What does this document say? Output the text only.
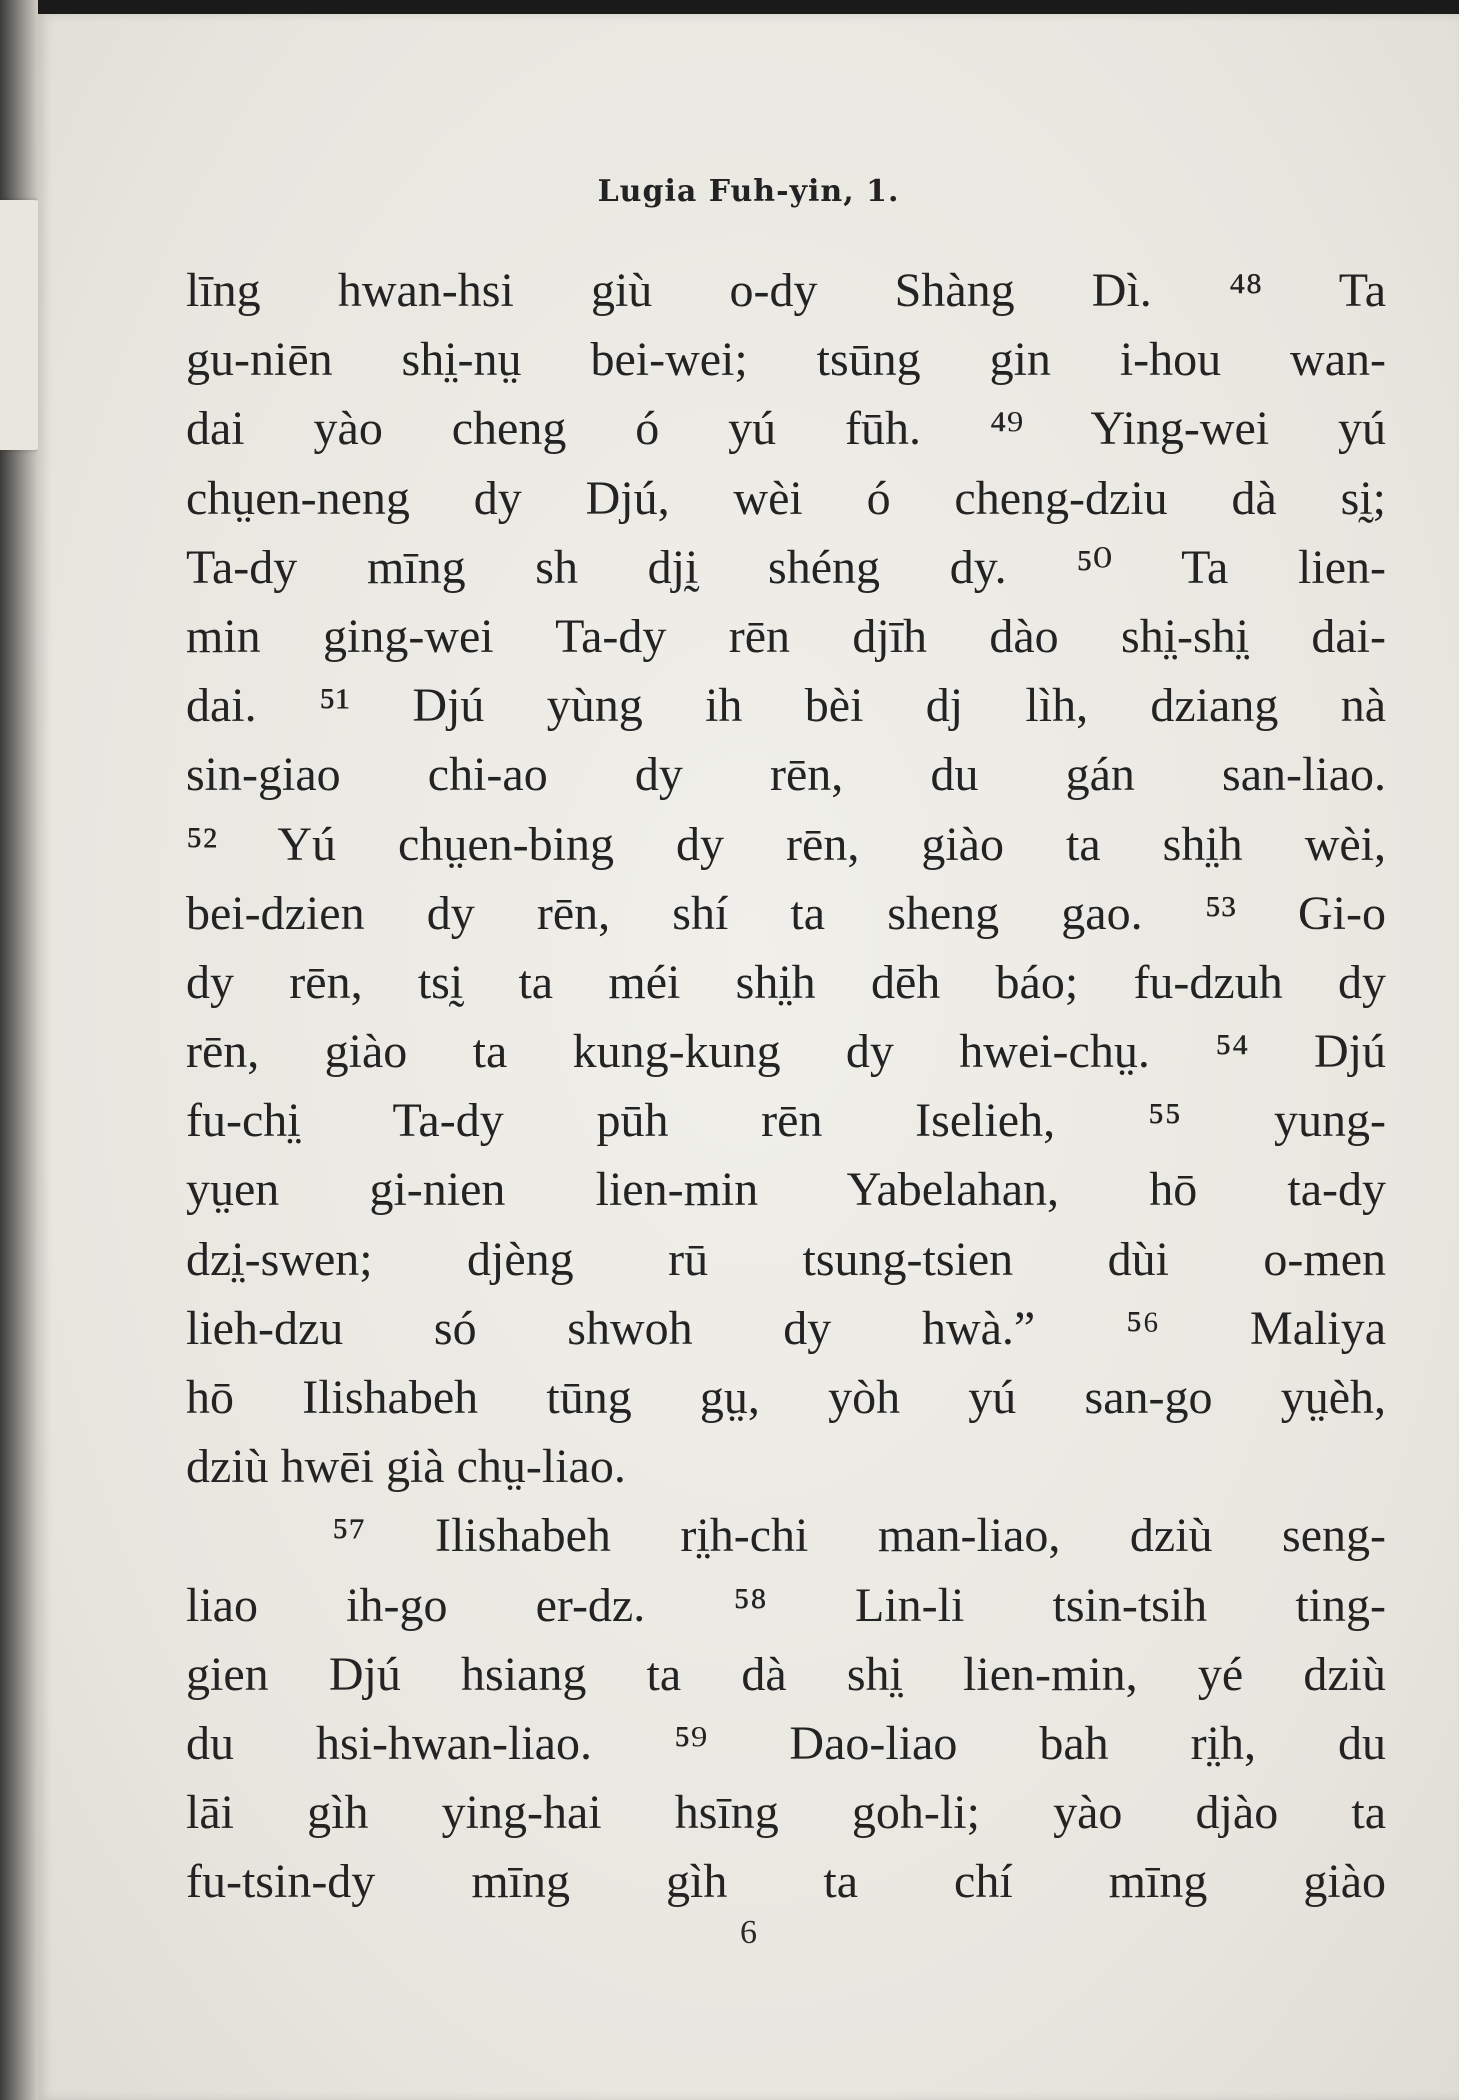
Lugia Fuh-yin, 1.
līng hwan-hsi giù o-dy Shàng Dì. ⁴⁸ Ta
gu-niēn shi̤-nṳ bei-wei; tsūng gin i-hou wan-
dai yào cheng ó yú fūh. ⁴⁹ Ying-wei yú
chṳen-neng dy Djú, wèi ó cheng-dziu dà sḭ;
Ta-dy mīng sh djḭ shéng dy. ⁵⁰ Ta lien-
min ging-wei Ta-dy rēn djīh dào shi̤-shi̤ dai-
dai. ⁵¹ Djú yùng ih bèi dj lìh, dziang nà
sin-giao chi-ao dy rēn, du gán san-liao.
⁵² Yú chṳen-bing dy rēn, giào ta shi̤h wèi,
bei-dzien dy rēn, shí ta sheng gao. ⁵³ Gi-o
dy rēn, tsḭ ta méi shi̤h dēh báo; fu-dzuh dy
rēn, giào ta kung-kung dy hwei-chṳ. ⁵⁴ Djú
fu-chi̤ Ta-dy pūh rēn Iselieh, ⁵⁵ yung-
yṳen gi-nien lien-min Yabelahan, hō ta-dy
dzi̤-swen; djèng rū tsung-tsien dùi o-men
lieh-dzu só shwoh dy hwà.” ⁵⁶ Maliya
hō Ilishabeh tūng gṳ, yòh yú san-go yṳèh,
dziù hwēi già chṳ-liao.
⁵⁷ Ilishabeh ri̤h-chi man-liao, dziù seng-
liao ih-go er-dz. ⁵⁸ Lin-li tsin-tsih ting-
gien Djú hsiang ta dà shi̤ lien-min, yé dziù
du hsi-hwan-liao. ⁵⁹ Dao-liao bah ri̤h, du
lāi gìh ying-hai hsīng goh-li; yào djào ta
fu-tsin-dy mīng gìh ta chí mīng giào
6
